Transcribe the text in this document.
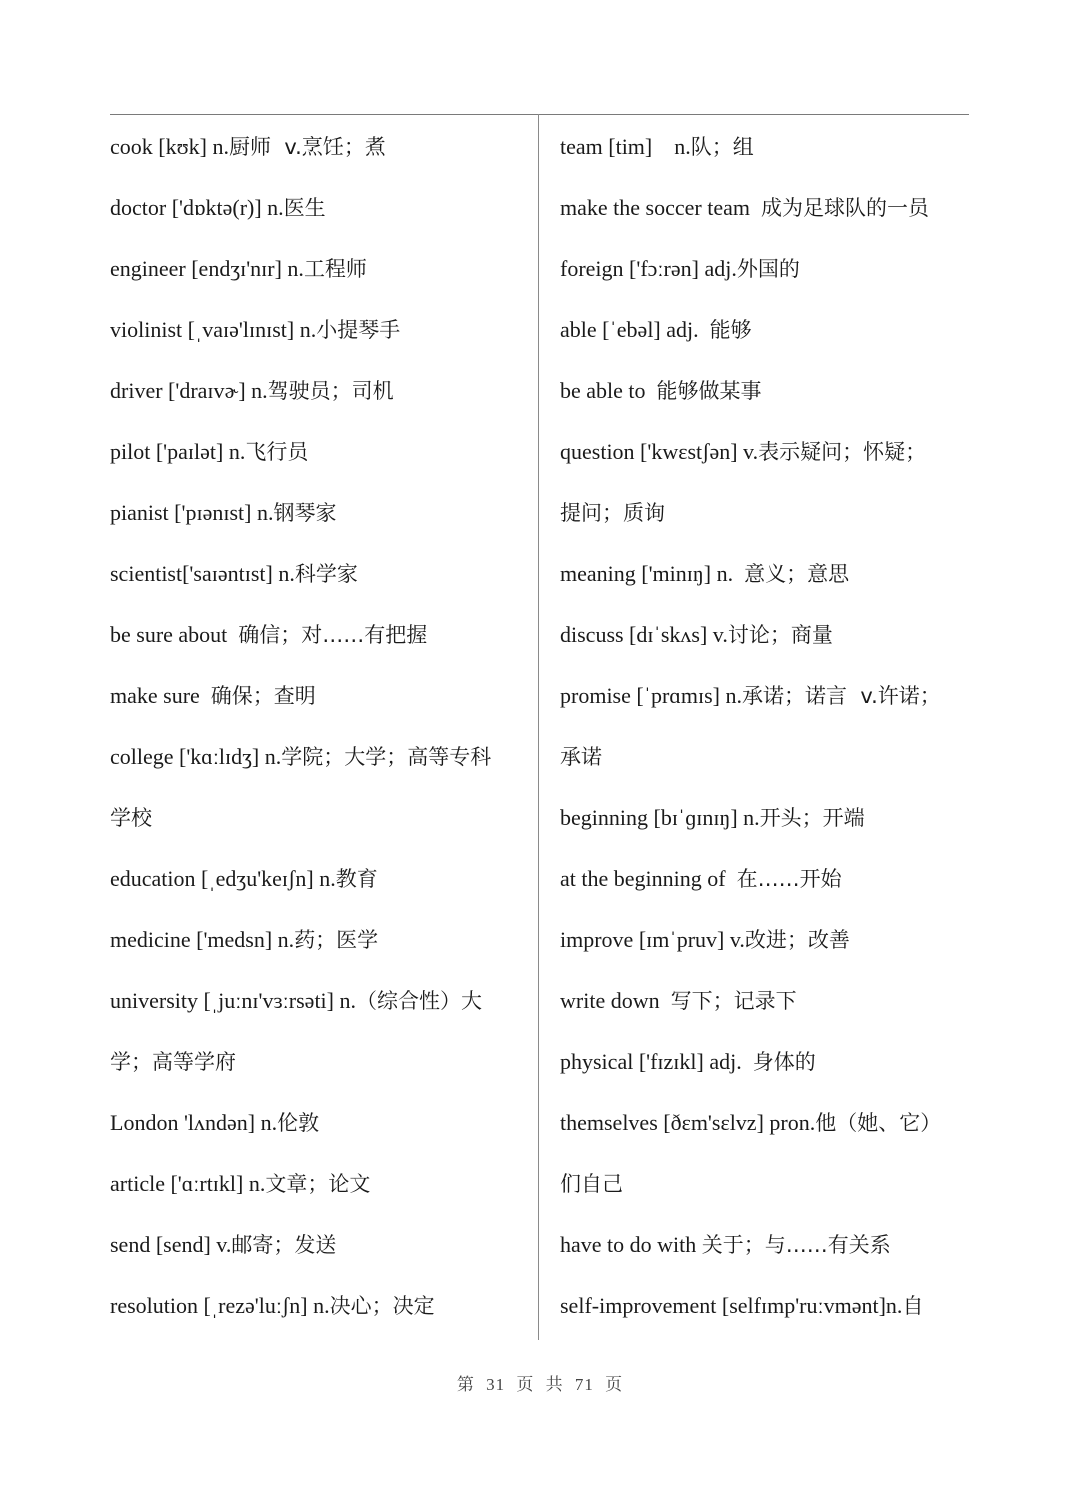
cook [kʊk] n.厨师  v.烹饪；煮
doctor ['dɒktə(r)] n.医生
engineer [endʒɪ'nɪr] n.工程师
violinist [ˌvaɪə'lɪnɪst] n.小提琴手
driver ['draɪvɚ] n.驾驶员；司机
pilot ['paɪlət] n.飞行员
pianist ['pɪənɪst] n.钢琴家
scientist['saɪəntɪst] n.科学家
be sure about  确信；对……有把握
make sure  确保；查明
college ['kɑːlɪdʒ] n.学院；大学；高等专科
学校
education [ˌedʒu'keɪʃn] n.教育
medicine ['medsn] n.药；医学
university [ˌjuːnɪ'vɜːrsəti] n.（综合性）大
学；高等学府
London 'lʌndən] n.伦敦
article ['ɑːrtɪkl] n.文章；论文
send [send] v.邮寄；发送
resolution [ˌrezə'luːʃn] n.决心；决定
team [tim]    n.队；组
make the soccer team  成为足球队的一员
foreign ['fɔːrən] adj.外国的
able [ˈebəl] adj.  能够
be able to  能够做某事
question ['kwɛstʃən] v.表示疑问；怀疑；
提问；质询
meaning ['minɪŋ] n.  意义；意思
discuss [dɪˈskʌs] v.讨论；商量
promise [ˈprɑmɪs] n.承诺；诺言  v.许诺；
承诺
beginning [bɪˈɡɪnɪŋ] n.开头；开端
at the beginning of  在……开始
improve [ɪmˈpruv] v.改进；改善
write down  写下；记录下
physical ['fɪzɪkl] adj.  身体的
themselves [ðɛm'sɛlvz] pron.他（她、它）
们自己
have to do with 关于；与……有关系
self-improvement [selfɪmp'ruːvmənt]n.自
第 31 页 共 71 页
